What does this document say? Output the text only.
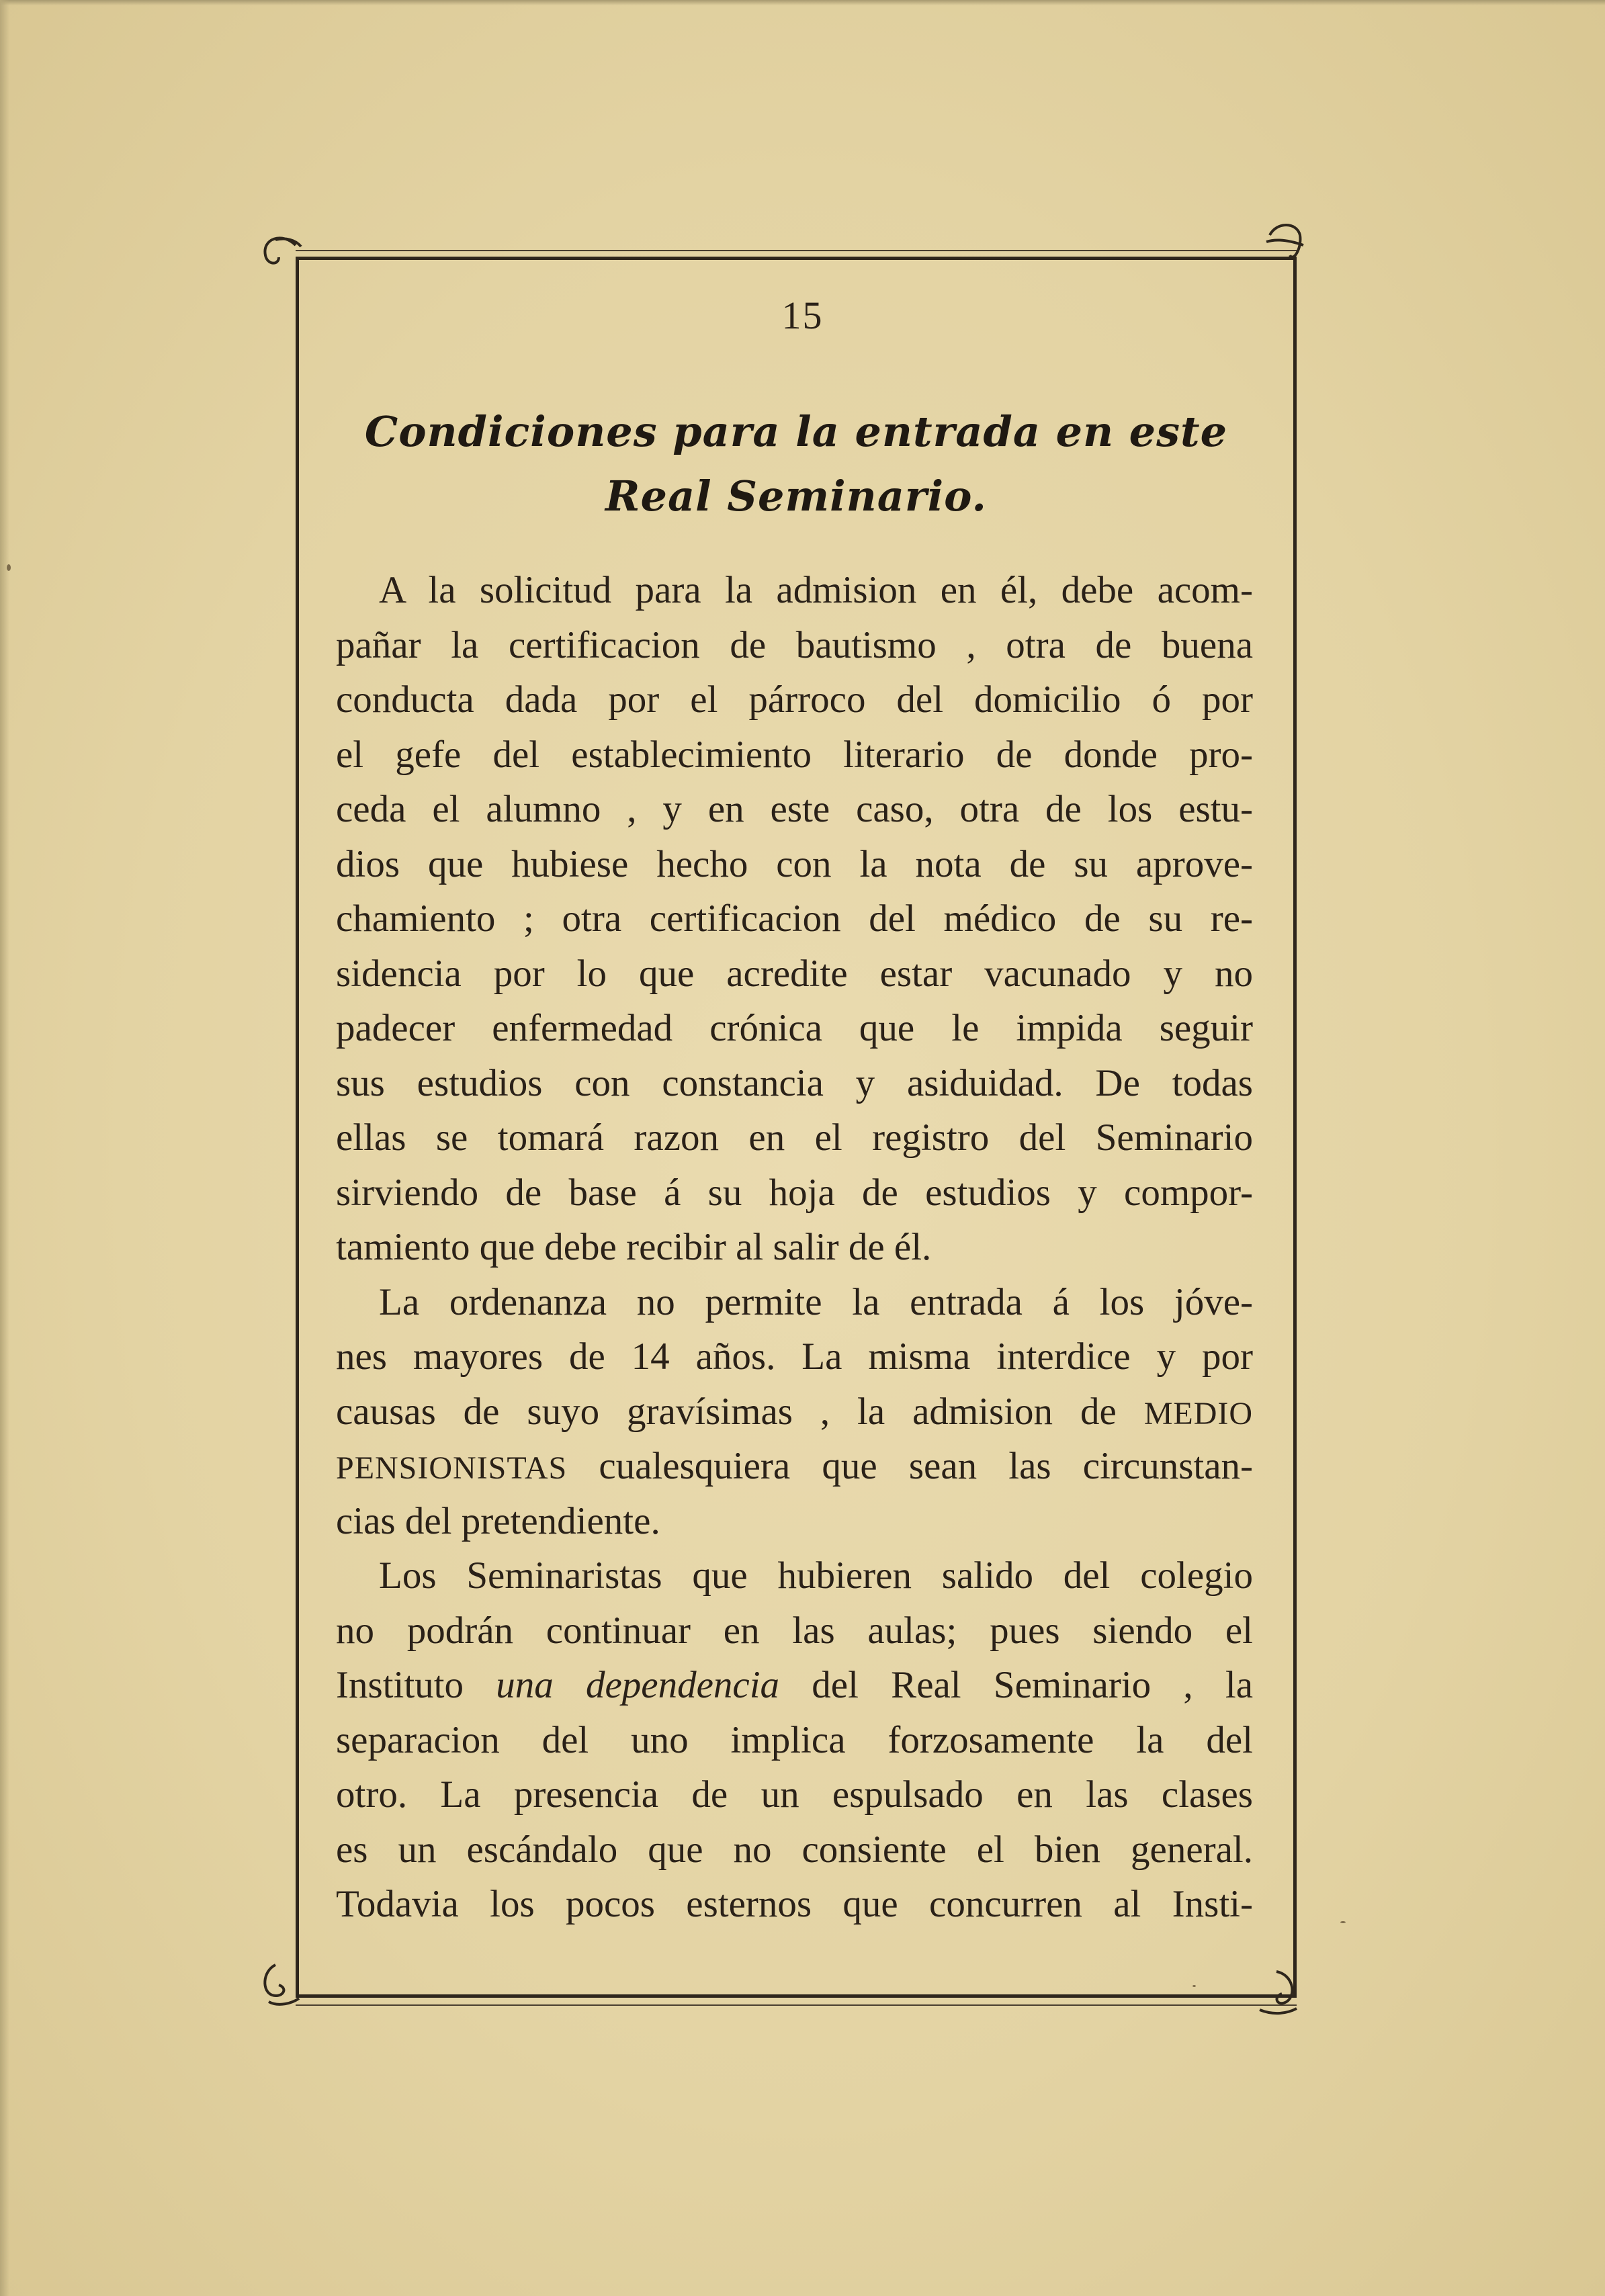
15
Condiciones para la entrada en este
Real Seminario.
A la solicitud para la admision en él, debe acom-
pañar la certificacion de bautismo , otra de buena
conducta dada por el párroco del domicilio ó por
el gefe del establecimiento literario de donde pro-
ceda el alumno , y en este caso, otra de los estu-
dios que hubiese hecho con la nota de su aprove-
chamiento ; otra certificacion del médico de su re-
sidencia por lo que acredite estar vacunado y no
padecer enfermedad crónica que le impida seguir
sus estudios con constancia y asiduidad. De todas
ellas se tomará razon en el registro del Seminario
sirviendo de base á su hoja de estudios y compor-
tamiento que debe recibir al salir de él.
La ordenanza no permite la entrada á los jóve-
nes mayores de 14 años. La misma interdice y por
causas de suyo gravísimas , la admision de MEDIO
PENSIONISTAS cualesquiera que sean las circunstan-
cias del pretendiente.
Los Seminaristas que hubieren salido del colegio
no podrán continuar en las aulas; pues siendo el
Instituto una dependencia del Real Seminario , la
separacion del uno implica forzosamente la del
otro. La presencia de un espulsado en las clases
es un escándalo que no consiente el bien general.
Todavia los pocos esternos que concurren al Insti-
